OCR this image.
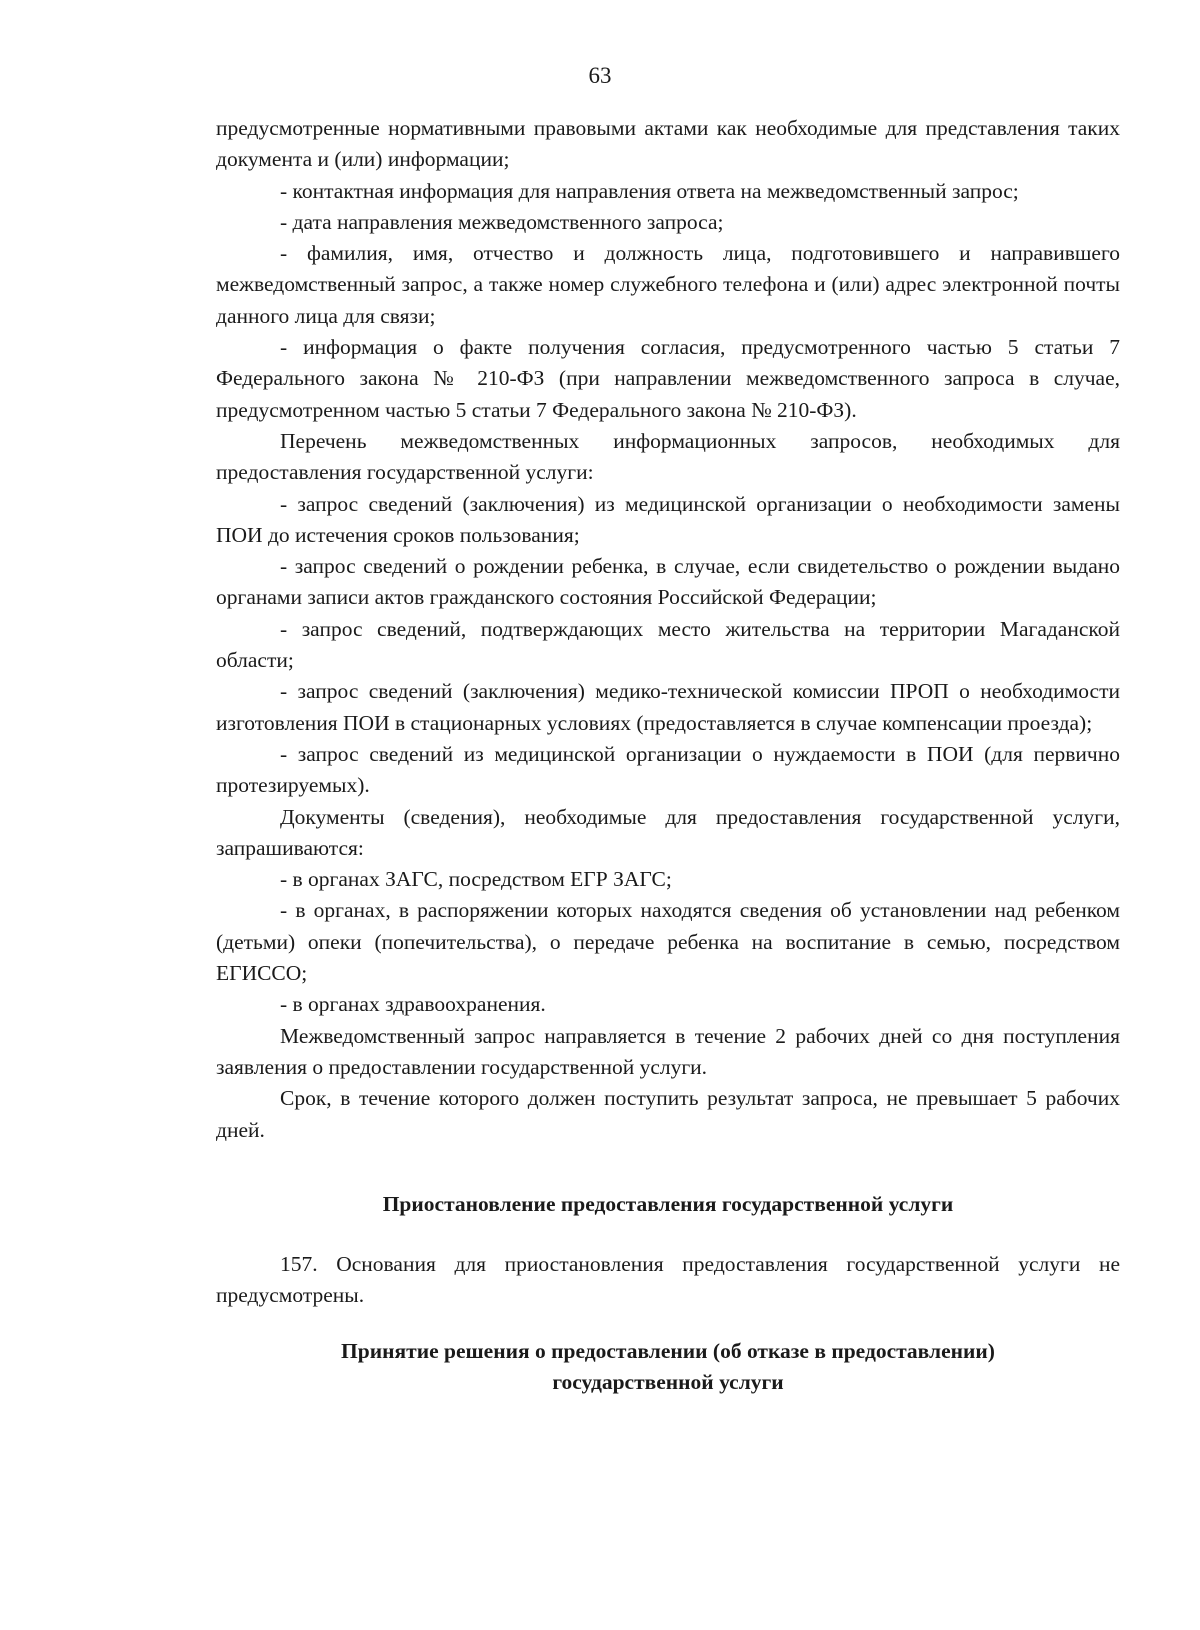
63

предусмотренные нормативными правовыми актами как необходимые для представления таких документа и (или) информации;

- контактная информация для направления ответа на межведомственный запрос;

- дата направления межведомственного запроса;

- фамилия, имя, отчество и должность лица, подготовившего и направившего межведомственный запрос, а также номер служебного телефона и (или) адрес электронной почты данного лица для связи;

- информация о факте получения согласия, предусмотренного частью 5 статьи 7 Федерального закона № 210-ФЗ (при направлении межведомственного запроса в случае, предусмотренном частью 5 статьи 7 Федерального закона № 210-ФЗ).

Перечень межведомственных информационных запросов, необходимых для предоставления государственной услуги:

- запрос сведений (заключения) из медицинской организации о необходимости замены ПОИ до истечения сроков пользования;

- запрос сведений о рождении ребенка, в случае, если свидетельство о рождении выдано органами записи актов гражданского состояния Российской Федерации;

- запрос сведений, подтверждающих место жительства на территории Магаданской области;

- запрос сведений (заключения) медико-технической комиссии ПРОП о необходимости изготовления ПОИ в стационарных условиях (предоставляется в случае компенсации проезда);

- запрос сведений из медицинской организации о нуждаемости в ПОИ (для первично протезируемых).

Документы (сведения), необходимые для предоставления государственной услуги, запрашиваются:

- в органах ЗАГС, посредством ЕГР ЗАГС;

- в органах, в распоряжении которых находятся сведения об установлении над ребенком (детьми) опеки (попечительства), о передаче ребенка на воспитание в семью, посредством ЕГИССО;

- в органах здравоохранения.

Межведомственный запрос направляется в течение 2 рабочих дней со дня поступления заявления о предоставлении государственной услуги.

Срок, в течение которого должен поступить результат запроса, не превышает 5 рабочих дней.

Приостановление предоставления государственной услуги

157. Основания для приостановления предоставления государственной услуги не предусмотрены.

Принятие решения о предоставлении (об отказе в предоставлении)
государственной услуги
